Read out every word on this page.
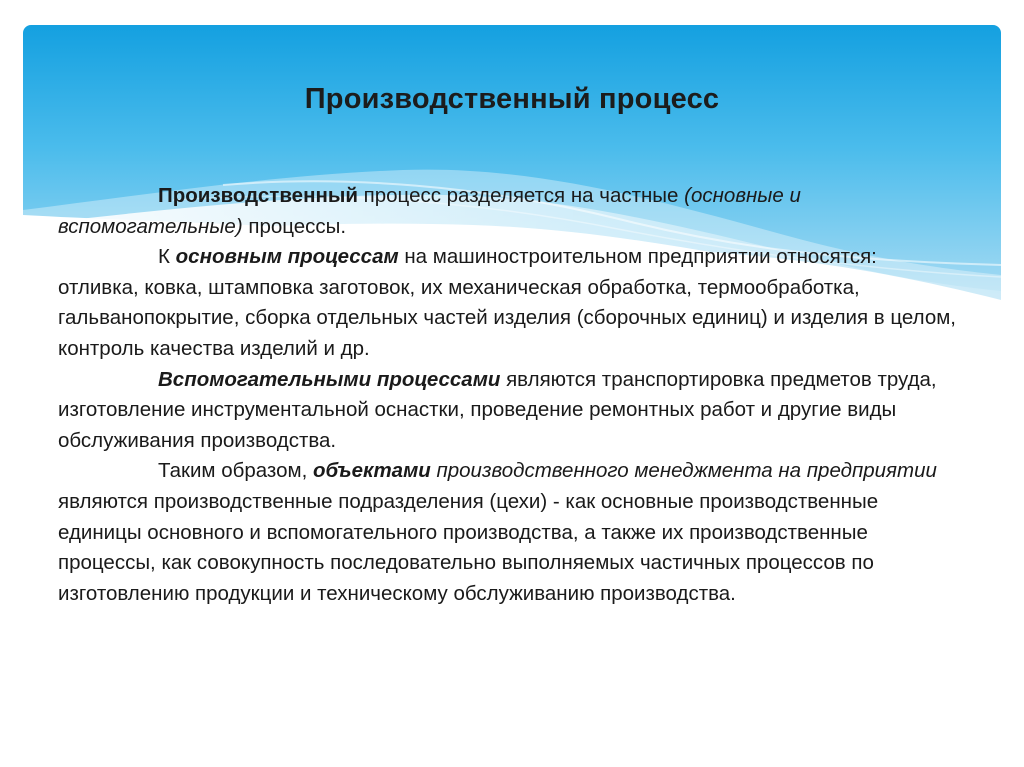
Производственный процесс

Производственный процесс разделяется на частные (основные и вспомогательные) процессы.

К основным процессам на машиностроительном предприятии относятся: отливка, ковка, штамповка заготовок, их механическая обработка, термообработка, гальванопокрытие, сборка отдельных частей изделия (сборочных единиц) и изделия в целом, контроль качества изделий и др.

Вспомогательными процессами являются транспортировка предметов труда, изготовление инструментальной оснастки, проведение ремонтных работ и другие виды обслуживания производства.

Таким образом, объектами производственного менеджмента на предприятии являются производственные подразделения (цехи) - как основные производственные единицы основного и вспомогательного производства, а также их производственные процессы, как совокупность последовательно выполняемых частичных процессов по изготовлению продукции и техническому обслуживанию производства.
